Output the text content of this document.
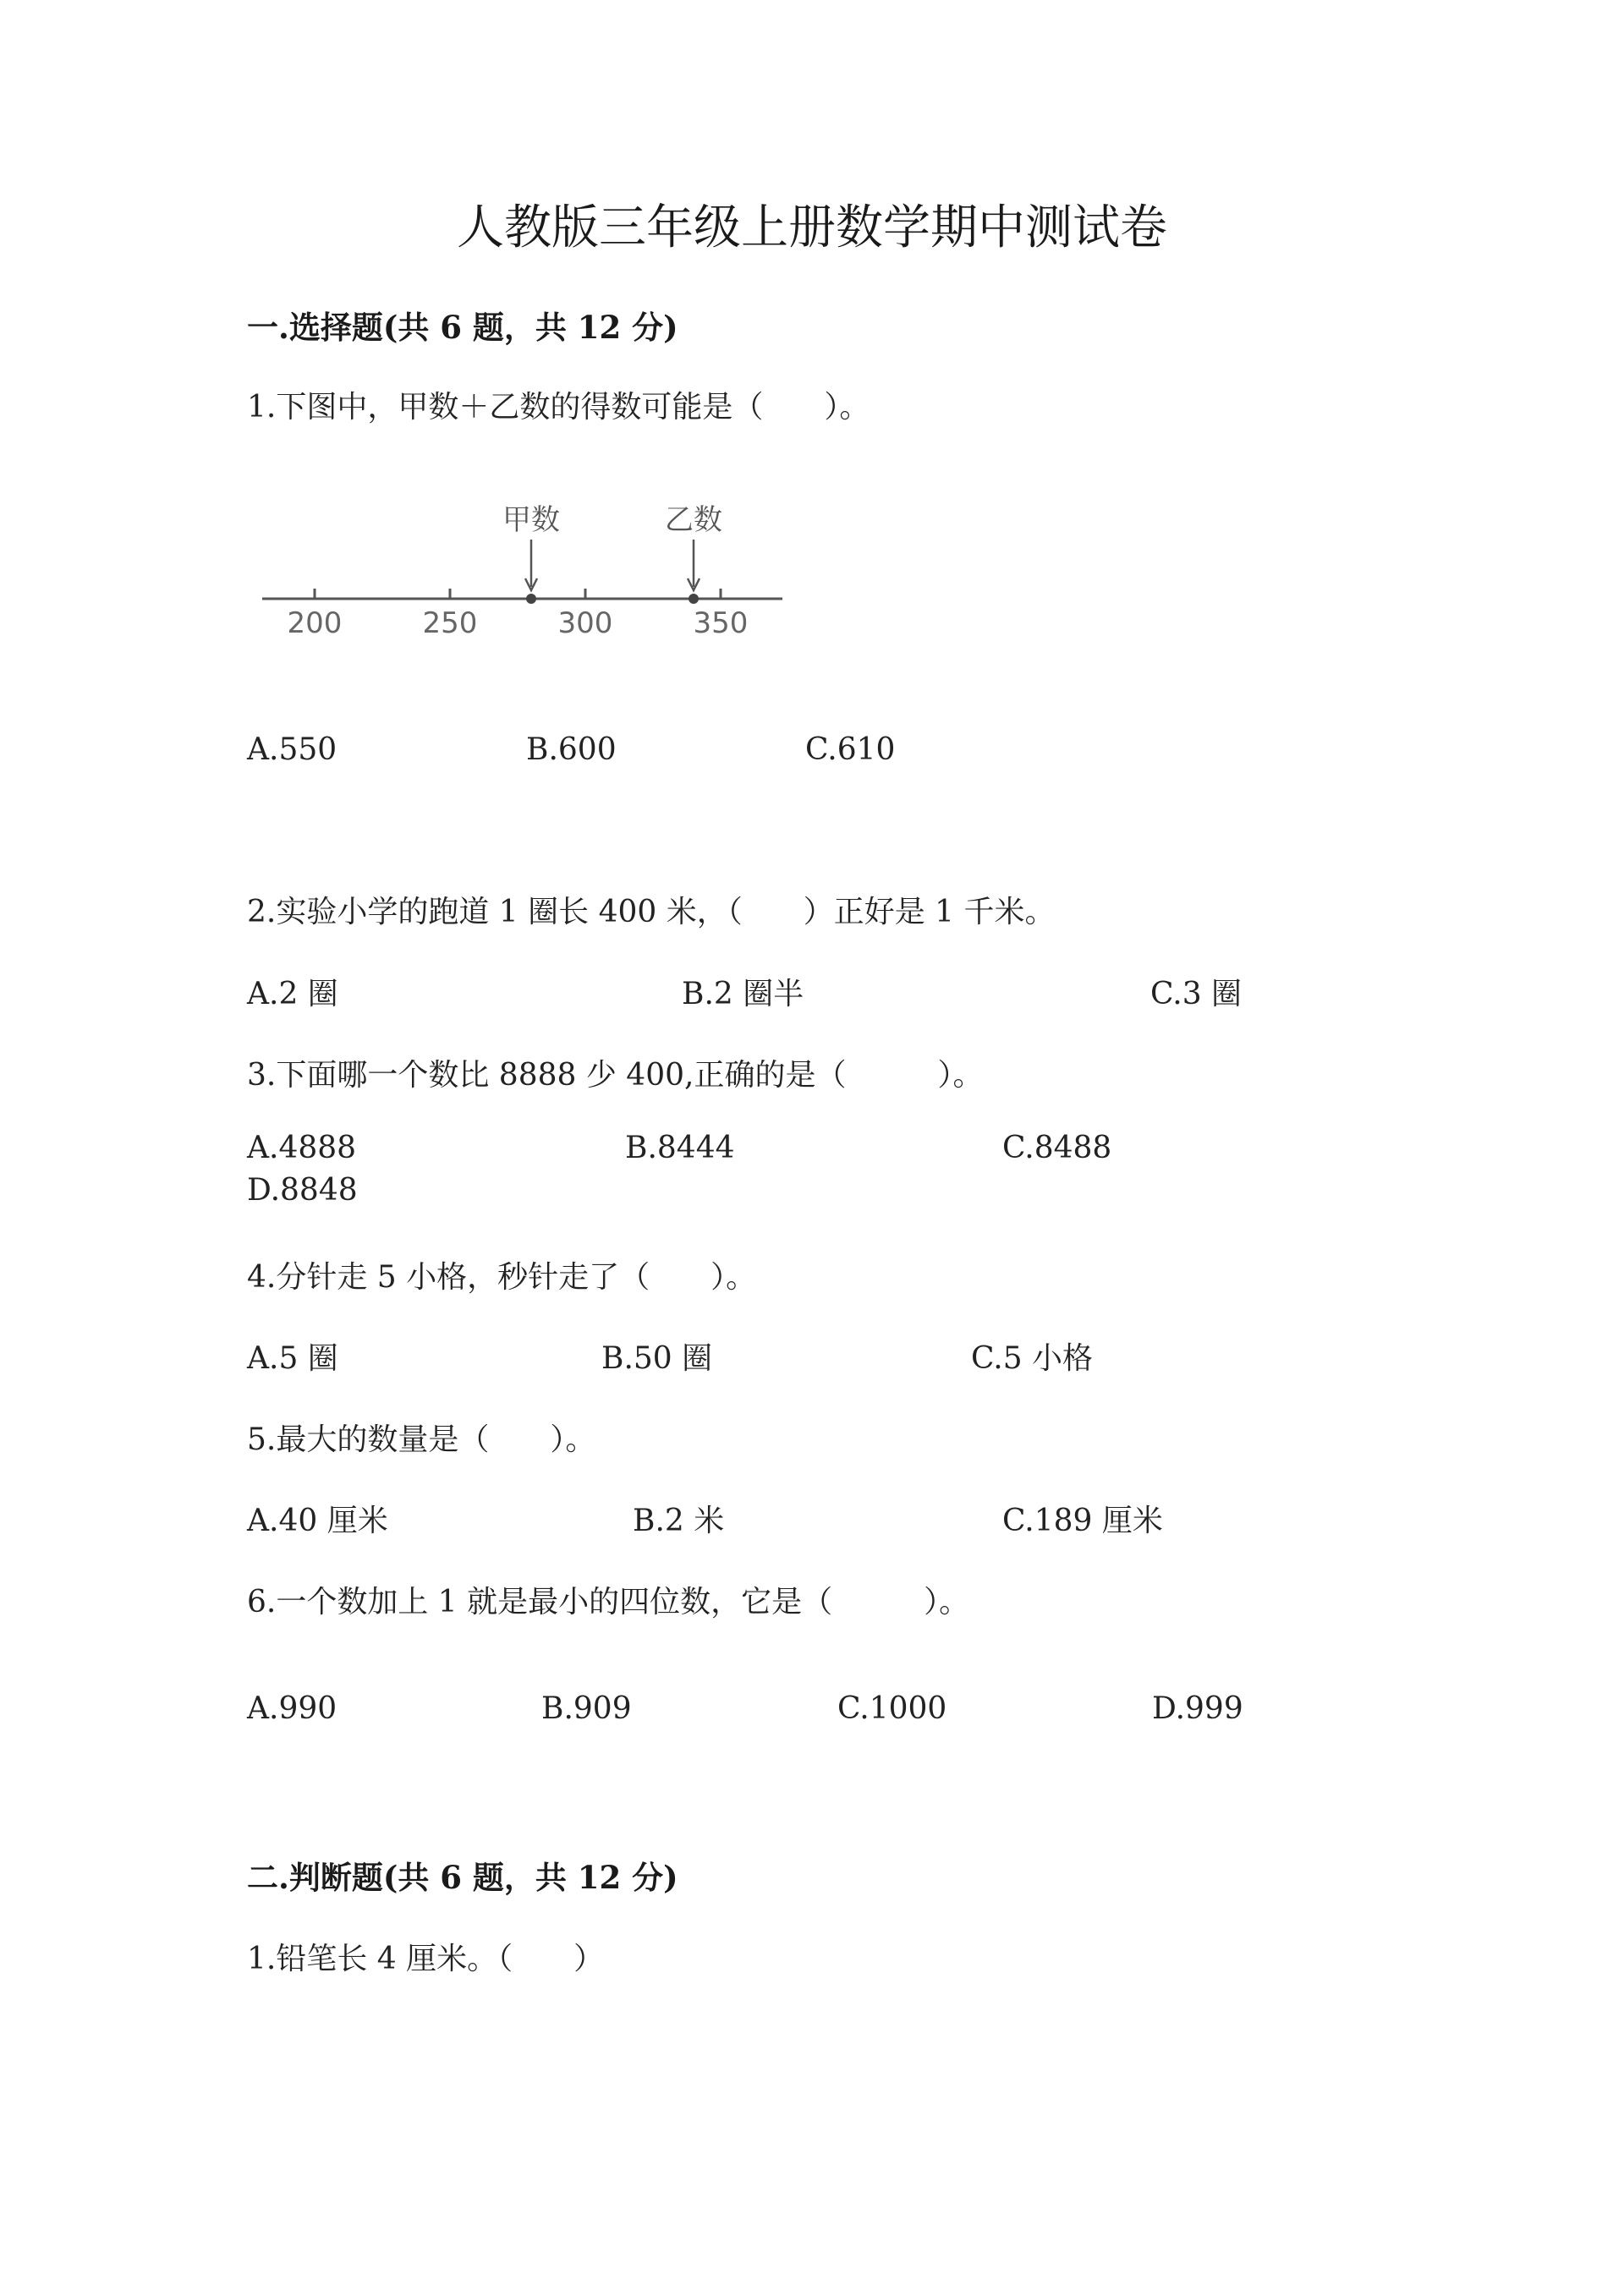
人教版三年级上册数学期中测试卷
一.选择题(共 6 题，共 12 分)
1.下图中，甲数＋乙数的得数可能是（　　）。
200	250	300	350
甲数	乙数
A.550	B.600	C.610
2.实验小学的跑道 1 圈长 400 米，（　　）正好是 1 千米。
A.2 圈	B.2 圈半	C.3 圈
3.下面哪一个数比 8888 少 400,正确的是（　　　）。
A.4888	B.8444	C.8488
D.8848
4.分针走 5 小格，秒针走了（　　）。
A.5 圈	B.50 圈	C.5 小格
5.最大的数量是（　　）。
A.40 厘米	B.2 米	C.189 厘米
6.一个数加上 1 就是最小的四位数，它是（　　　）。
A.990	B.909	C.1000	D.999
二.判断题(共 6 题，共 12 分)
1.铅笔长 4 厘米。（　　）
